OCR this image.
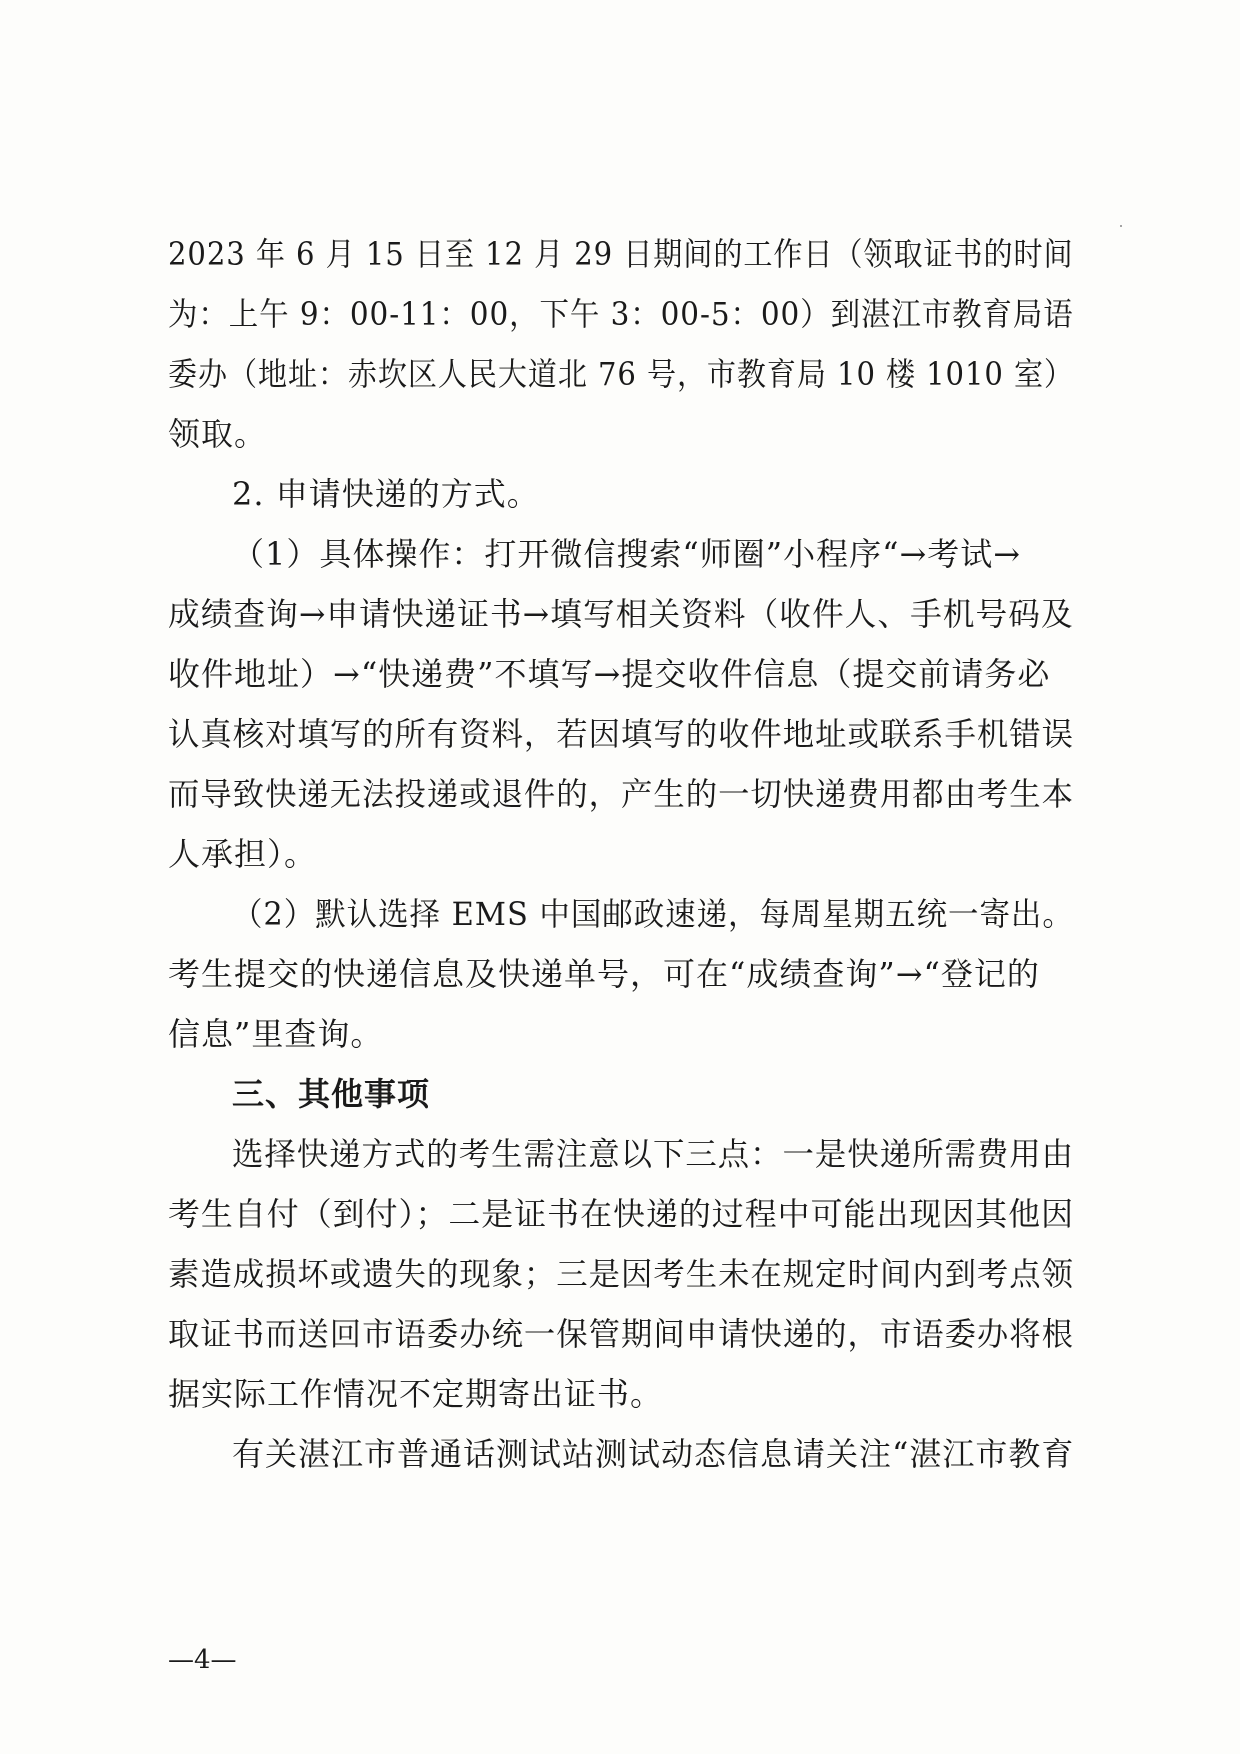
2023 年 6 月 15 日至 12 月 29 日期间的工作日（领取证书的时间
为：上午 9：00-11：00，下午 3：00-5：00）到湛江市教育局语
委办（地址：赤坎区人民大道北 76 号，市教育局 10 楼 1010 室）
领取。
2. 申请快递的方式。
（1）具体操作：打开微信搜索“师圈”小程序“→考试→
成绩查询→申请快递证书→填写相关资料（收件人、手机号码及
收件地址）→“快递费”不填写→提交收件信息（提交前请务必
认真核对填写的所有资料，若因填写的收件地址或联系手机错误
而导致快递无法投递或退件的，产生的一切快递费用都由考生本
人承担）。
（2）默认选择 EMS 中国邮政速递，每周星期五统一寄出。
考生提交的快递信息及快递单号，可在“成绩查询”→“登记的
信息”里查询。
三、其他事项
选择快递方式的考生需注意以下三点：一是快递所需费用由
考生自付（到付）；二是证书在快递的过程中可能出现因其他因
素造成损坏或遗失的现象；三是因考生未在规定时间内到考点领
取证书而送回市语委办统一保管期间申请快递的，市语委办将根
据实际工作情况不定期寄出证书。
有关湛江市普通话测试站测试动态信息请关注“湛江市教育
—4—
